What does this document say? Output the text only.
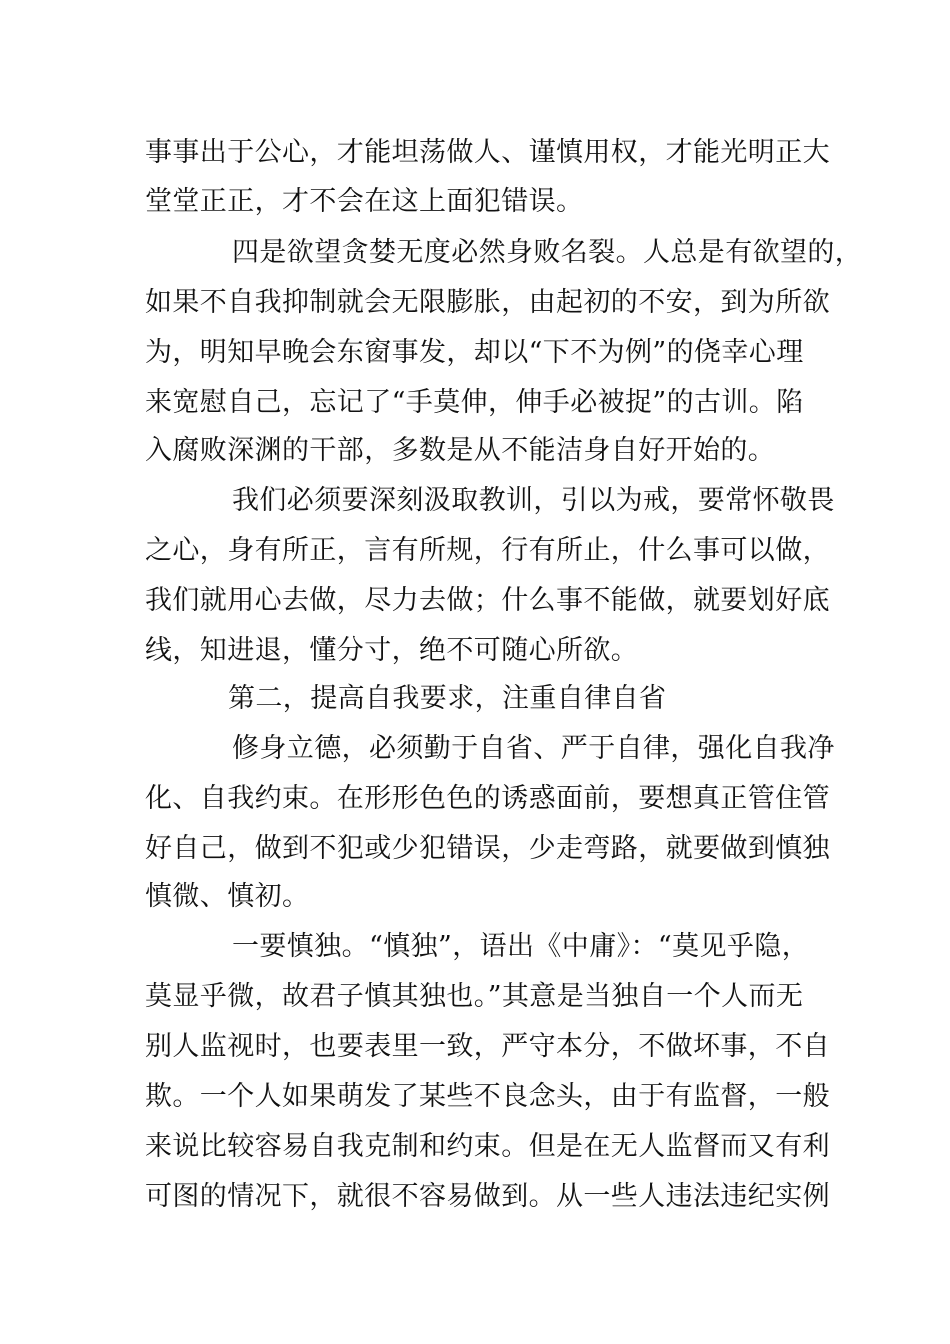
事事出于公心，才能坦荡做人、谨慎用权，才能光明正大
堂堂正正，才不会在这上面犯错误。
四是欲望贪婪无度必然身败名裂。人总是有欲望的，
如果不自我抑制就会无限膨胀，由起初的不安，到为所欲
为，明知早晚会东窗事发，却以“下不为例”的侥幸心理
来宽慰自己，忘记了“手莫伸，伸手必被捉”的古训。陷
入腐败深渊的干部，多数是从不能洁身自好开始的。
我们必须要深刻汲取教训，引以为戒，要常怀敬畏
之心，身有所正，言有所规，行有所止，什么事可以做，
我们就用心去做，尽力去做；什么事不能做，就要划好底
线，知进退，懂分寸，绝不可随心所欲。
第二，提高自我要求，注重自律自省
修身立德，必须勤于自省、严于自律，强化自我净
化、自我约束。在形形色色的诱惑面前，要想真正管住管
好自己，做到不犯或少犯错误，少走弯路，就要做到慎独
慎微、慎初。
一要慎独。“慎独”，语出《中庸》：“莫见乎隐，
莫显乎微，故君子慎其独也。”其意是当独自一个人而无
别人监视时，也要表里一致，严守本分，不做坏事，不自
欺。一个人如果萌发了某些不良念头，由于有监督，一般
来说比较容易自我克制和约束。但是在无人监督而又有利
可图的情况下，就很不容易做到。从一些人违法违纪实例
